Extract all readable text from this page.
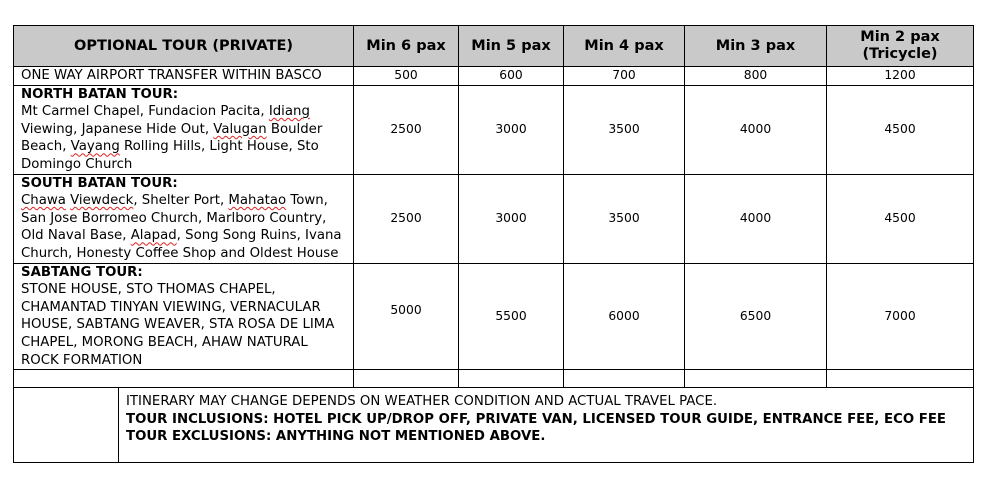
OPTIONAL TOUR (PRIVATE)	Min 6 pax	Min 5 pax	Min 4 pax	Min 3 pax	Min 2 pax
(Tricycle)
ONE WAY AIRPORT TRANSFER WITHIN BASCO	500	600	700	800	1200

NORTH BATAN TOUR:
Mt Carmel Chapel, Fundacion Pacita, Idiang Viewing, Japanese Hide Out, Valugan Boulder Beach, Vayang Rolling Hills, Light House, Sto Domingo Church	2500	3000	3500	4000	4500

SOUTH BATAN TOUR:
Chawa Viewdeck, Shelter Port, Mahatao Town, San Jose Borromeo Church, Marlboro Country, Old Naval Base, Alapad, Song Song Ruins, Ivana Church, Honesty Coffee Shop and Oldest House	2500	3000	3500	4000	4500

SABTANG TOUR:
STONE HOUSE, STO THOMAS CHAPEL, CHAMANTAD TINYAN VIEWING, VERNACULAR HOUSE, SABTANG WEAVER, STA ROSA DE LIMA CHAPEL, MORONG BEACH, AHAW NATURAL ROCK FORMATION	5000	5500	6000	6500	7000

ITINERARY MAY CHANGE DEPENDS ON WEATHER CONDITION AND ACTUAL TRAVEL PACE.
TOUR INCLUSIONS: HOTEL PICK UP/DROP OFF, PRIVATE VAN, LICENSED TOUR GUIDE, ENTRANCE FEE, ECO FEE
TOUR EXCLUSIONS: ANYTHING NOT MENTIONED ABOVE.
